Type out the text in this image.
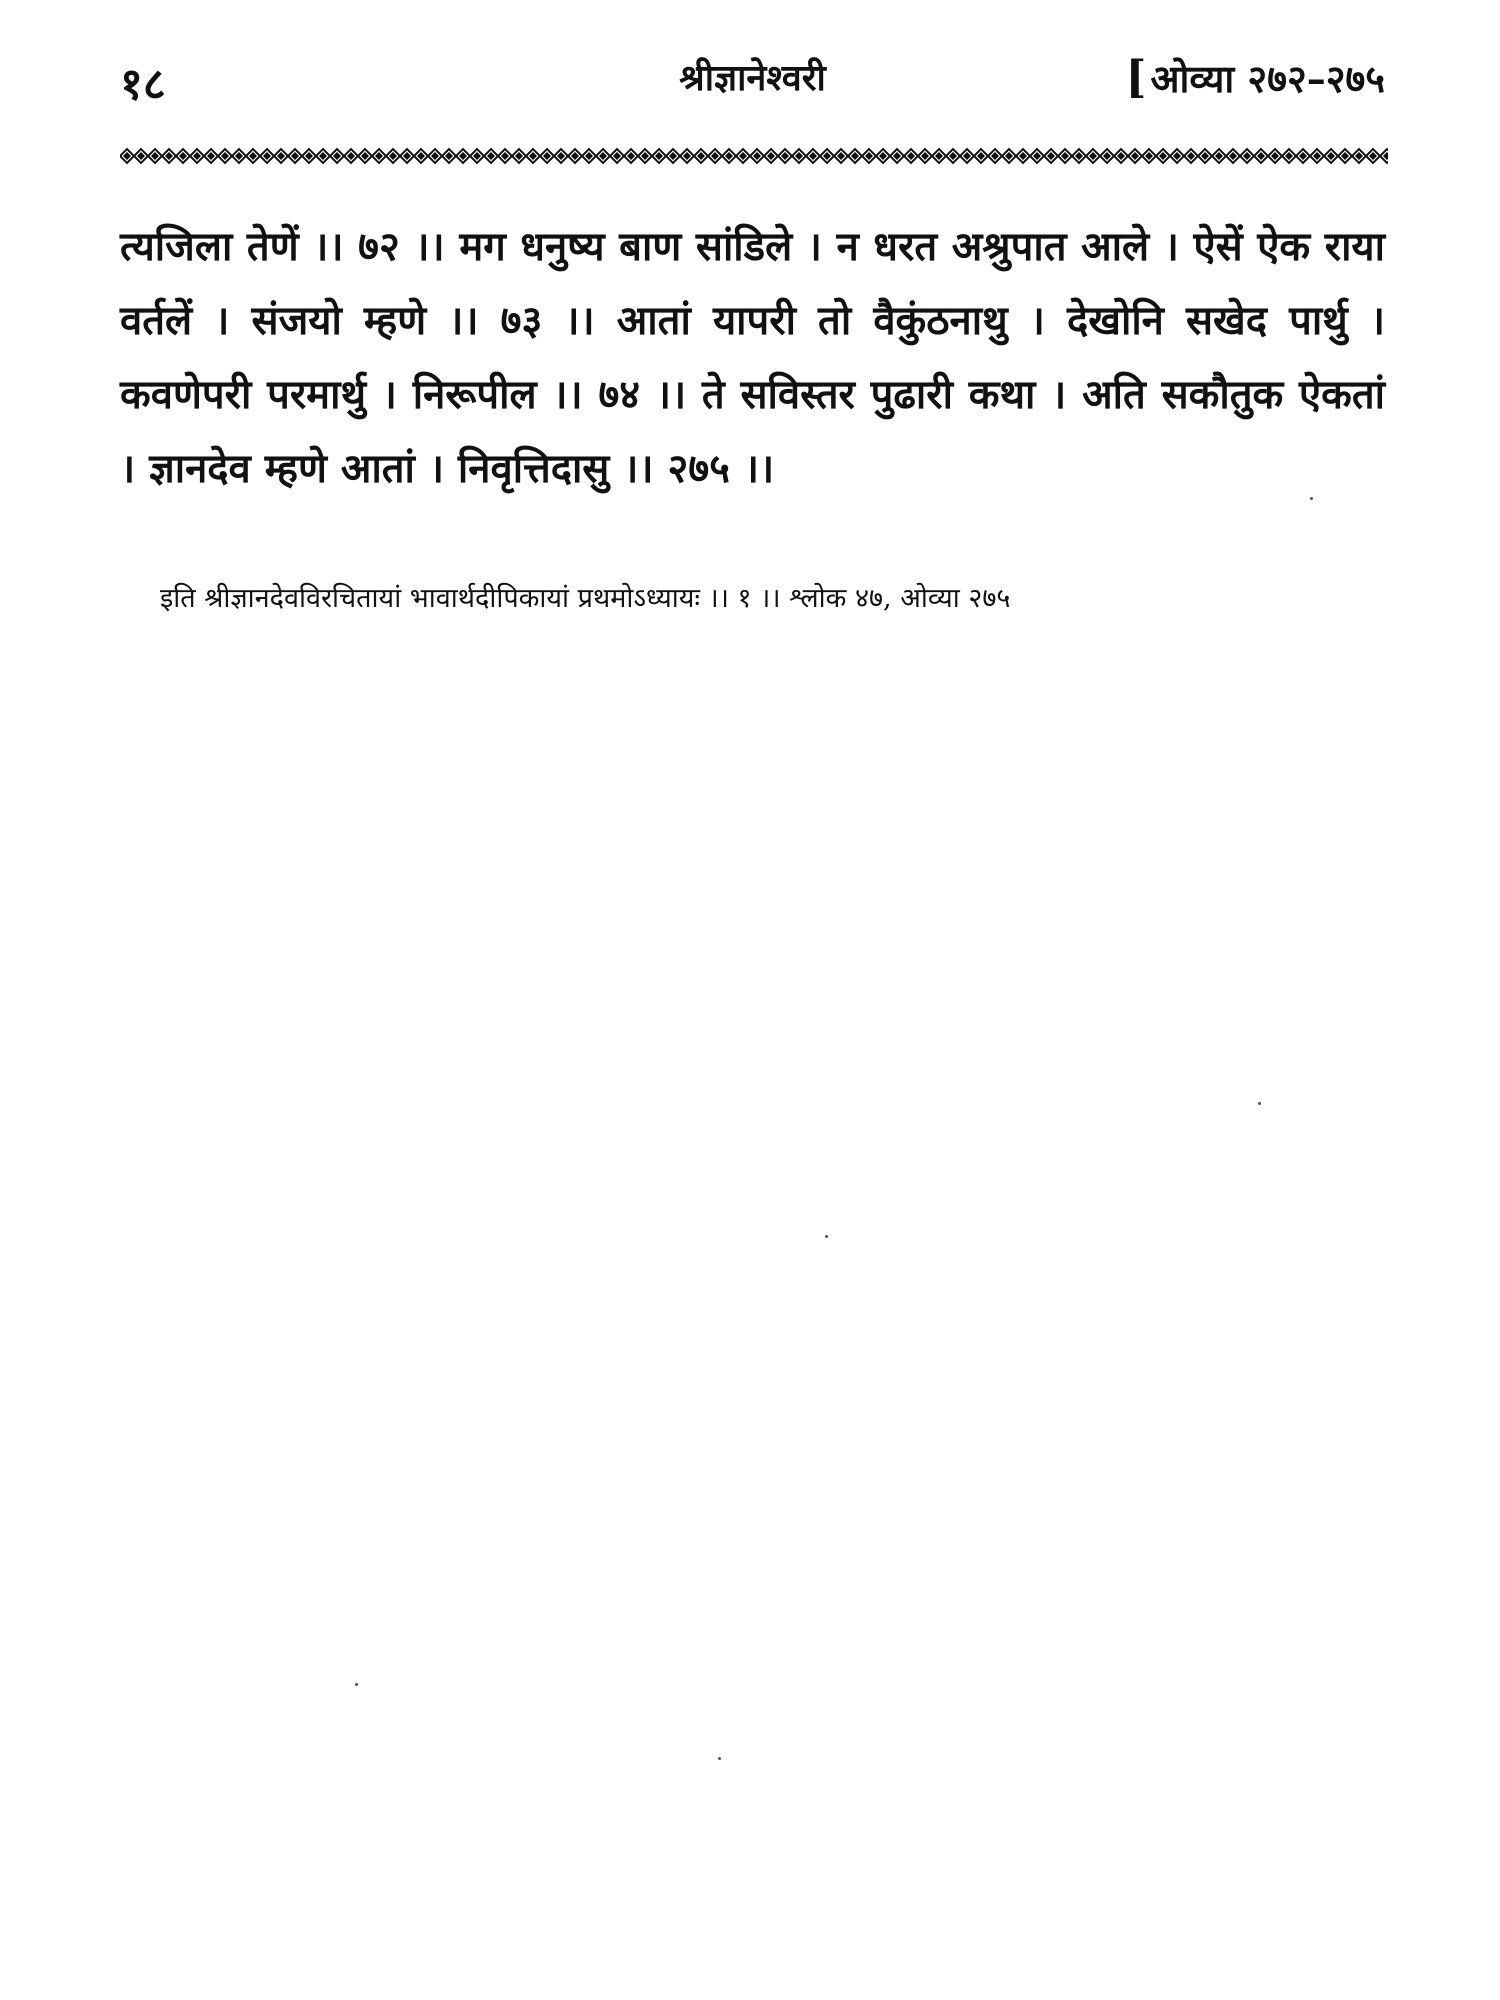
१८	श्रीज्ञानेश्वरी	[ ओव्या २७२–२७५
त्यजिला तेणें ।। ७२ ।। मग धनुष्य बाण सांडिले । न धरत अश्रुपात आले । ऐसें ऐक राया वर्तलें । संजयो म्हणे ।। ७३ ।। आतां यापरी तो वैकुंठनाथु । देखोनि सखेद पार्थु । कवणेपरी परमार्थु । निरूपील ।। ७४ ।। ते सविस्तर पुढारी कथा । अति सकौतुक ऐकतां । ज्ञानदेव म्हणे आतां । निवृत्तिदासु ।। २७५ ।।
इति श्रीज्ञानदेवविरचितायां भावार्थदीपिकायां प्रथमोऽध्यायः ।। १ ।। श्लोक ४७, ओव्या २७५
